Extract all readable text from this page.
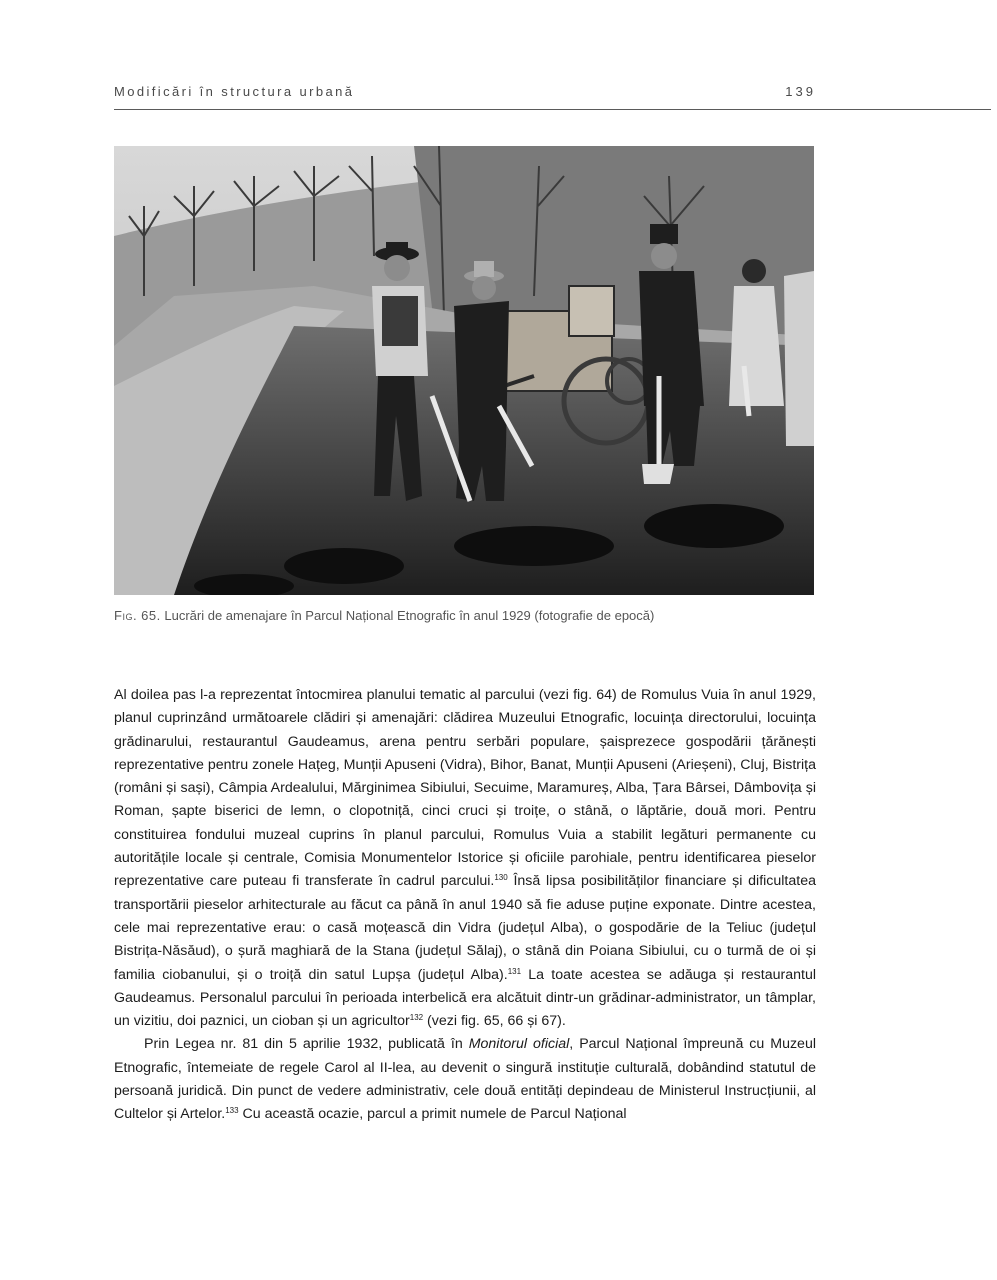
Modificări în structura urbană	139
Fig. 65. Lucrări de amenajare în Parcul Național Etnografic în anul 1929 (fotografie de epocă)

Al doilea pas l-a reprezentat întocmirea planului tematic al parcului (vezi fig. 64) de Romulus Vuia în anul 1929, planul cuprinzând următoarele clădiri și amenajări: clădirea Muzeului Etnografic, locuința directorului, locuința grădinarului, restaurantul Gaudeamus, arena pentru serbări populare, șaisprezece gospodării țărănești reprezentative pentru zonele Hațeg, Munții Apuseni (Vidra), Bihor, Banat, Munții Apuseni (Arieșeni), Cluj, Bistrița (români și sași), Câmpia Ardealului, Mărginimea Sibiului, Secuime, Maramureș, Alba, Țara Bârsei, Dâmbovița și Roman, șapte biserici de lemn, o clopotniță, cinci cruci și troițe, o stână, o lăptărie, două mori. Pentru constituirea fondului muzeal cuprins în planul parcului, Romulus Vuia a stabilit legături permanente cu autoritățile locale și centrale, Comisia Monumentelor Istorice și oficiile parohiale, pentru identificarea pieselor reprezentative care puteau fi transferate în cadrul parcului.$^{130}$ Însă lipsa posibilităților financiare și dificultatea transportării pieselor arhitecturale au făcut ca până în anul 1940 să fie aduse puține exponate. Dintre acestea, cele mai reprezentative erau: o casă moțească din Vidra (județul Alba), o gospodărie de la Teliuc (județul Bistrița-Năsăud), o șură maghiară de la Stana (județul Sălaj), o stână din Poiana Sibiului, cu o turmă de oi și familia ciobanului, și o troiță din satul Lupșa (județul Alba).$^{131}$ La toate acestea se adăuga și restaurantul Gaudeamus. Personalul parcului în perioada interbelică era alcătuit dintr-un grădinar-administrator, un tâmplar, un vizitiu, doi paznici, un cioban și un agricultor$^{132}$ (vezi fig. 65, 66 și 67).

Prin Legea nr. 81 din 5 aprilie 1932, publicată în Monitorul oficial, Parcul Național împreună cu Muzeul Etnografic, întemeiate de regele Carol al II-lea, au devenit o singură instituție culturală, dobândind statutul de persoană juridică. Din punct de vedere administrativ, cele două entități depindeau de Ministerul Instrucțiunii, al Cultelor și Artelor.$^{133}$ Cu această ocazie, parcul a primit numele de Parcul Național
